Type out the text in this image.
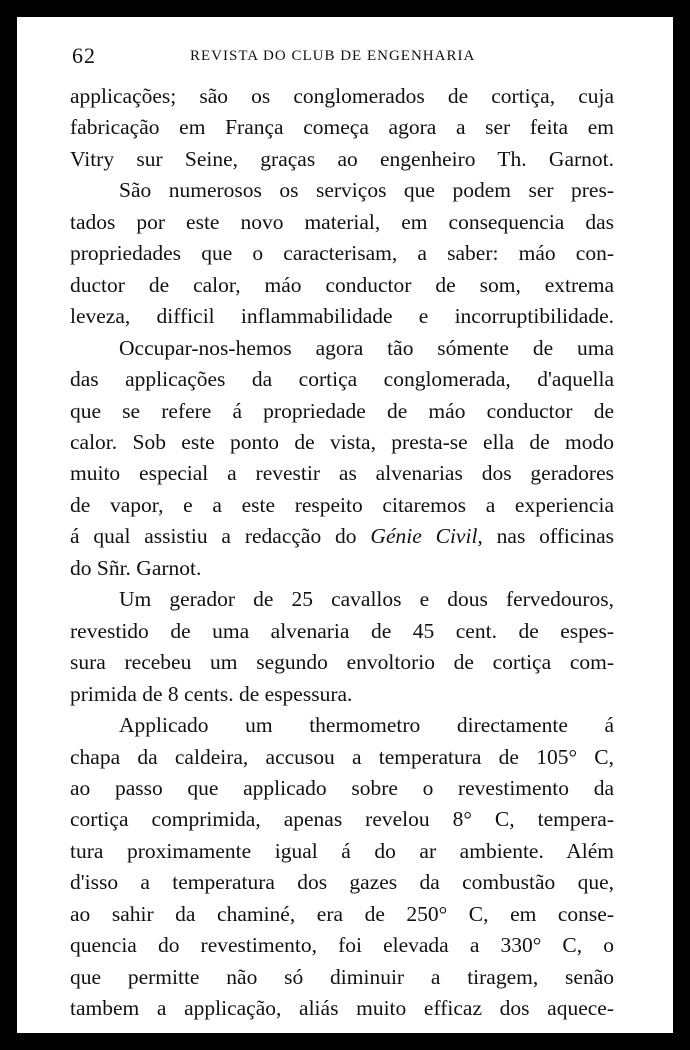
62	REVISTA DO CLUB DE ENGENHARIA
applicações; são os conglomerados de cortiça, cuja
fabricação em França começa agora a ser feita em
Vitry sur Seine, graças ao engenheiro Th. Garnot.
São numerosos os serviços que podem ser pres-
tados por este novo material, em consequencia das
propriedades que o caracterisam, a saber: máo con-
ductor de calor, máo conductor de som, extrema
leveza, difficil inflammabilidade e incorruptibilidade.
Occupar-nos-hemos agora tão sómente de uma
das applicações da cortiça conglomerada, d'aquella
que se refere á propriedade de máo conductor de
calor. Sob este ponto de vista, presta-se ella de modo
muito especial a revestir as alvenarias dos geradores
de vapor, e a este respeito citaremos a experiencia
á qual assistiu a redacção do Génie Civil, nas officinas
do Sñr. Garnot.
Um gerador de 25 cavallos e dous fervedouros,
revestido de uma alvenaria de 45 cent. de espes-
sura recebeu um segundo envoltorio de cortiça com-
primida de 8 cents. de espessura.
Applicado um thermometro directamente á
chapa da caldeira, accusou a temperatura de 105° C,
ao passo que applicado sobre o revestimento da
cortiça comprimida, apenas revelou 8° C, tempera-
tura proximamente igual á do ar ambiente. Além
d'isso a temperatura dos gazes da combustão que,
ao sahir da chaminé, era de 250° C, em conse-
quencia do revestimento, foi elevada a 330° C, o
que permitte não só diminuir a tiragem, senão
tambem a applicação, aliás muito efficaz dos aquece-
